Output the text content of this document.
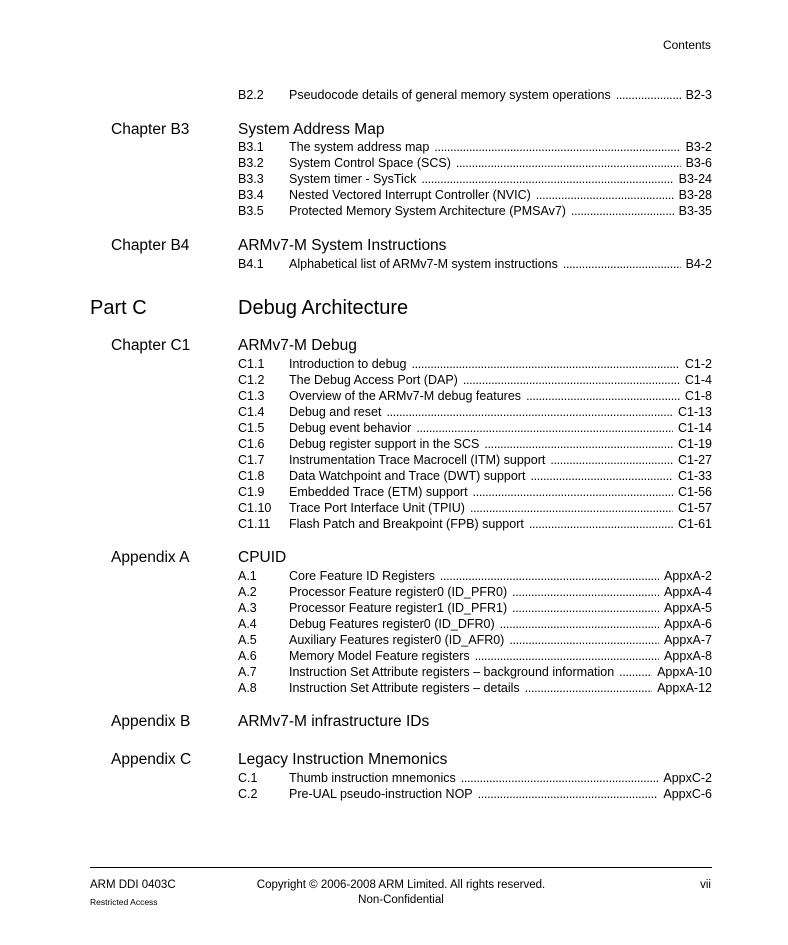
Contents
B2.2	Pseudocode details of general memory system operations . . .	B2-3
Chapter B3	System Address Map
B3.1	The system address map . . .	B3-2
B3.2	System Control Space (SCS) . . .	B3-6
B3.3	System timer - SysTick . . .	B3-24
B3.4	Nested Vectored Interrupt Controller (NVIC) . . .	B3-28
B3.5	Protected Memory System Architecture (PMSAv7) . . .	B3-35
Chapter B4	ARMv7-M System Instructions
B4.1	Alphabetical list of ARMv7-M system instructions . . .	B4-2
Part C	Debug Architecture
Chapter C1	ARMv7-M Debug
C1.1	Introduction to debug . . .	C1-2
C1.2	The Debug Access Port (DAP) . . .	C1-4
C1.3	Overview of the ARMv7-M debug features . . .	C1-8
C1.4	Debug and reset . . .	C1-13
C1.5	Debug event behavior . . .	C1-14
C1.6	Debug register support in the SCS . . .	C1-19
C1.7	Instrumentation Trace Macrocell (ITM) support . . .	C1-27
C1.8	Data Watchpoint and Trace (DWT) support . . .	C1-33
C1.9	Embedded Trace (ETM) support . . .	C1-56
C1.10	Trace Port Interface Unit (TPIU) . . .	C1-57
C1.11	Flash Patch and Breakpoint (FPB) support . . .	C1-61
Appendix A	CPUID
A.1	Core Feature ID Registers . . .	AppxA-2
A.2	Processor Feature register0 (ID_PFR0) . . .	AppxA-4
A.3	Processor Feature register1 (ID_PFR1) . . .	AppxA-5
A.4	Debug Features register0 (ID_DFR0) . . .	AppxA-6
A.5	Auxiliary Features register0 (ID_AFR0) . . .	AppxA-7
A.6	Memory Model Feature registers . . .	AppxA-8
A.7	Instruction Set Attribute registers – background information . . .	AppxA-10
A.8	Instruction Set Attribute registers – details . . .	AppxA-12
Appendix B	ARMv7-M infrastructure IDs
Appendix C	Legacy Instruction Mnemonics
C.1	Thumb instruction mnemonics . . .	AppxC-2
C.2	Pre-UAL pseudo-instruction NOP . . .	AppxC-6
ARM DDI 0403C
Restricted Access
Copyright © 2006-2008 ARM Limited. All rights reserved.
Non-Confidential
vii
